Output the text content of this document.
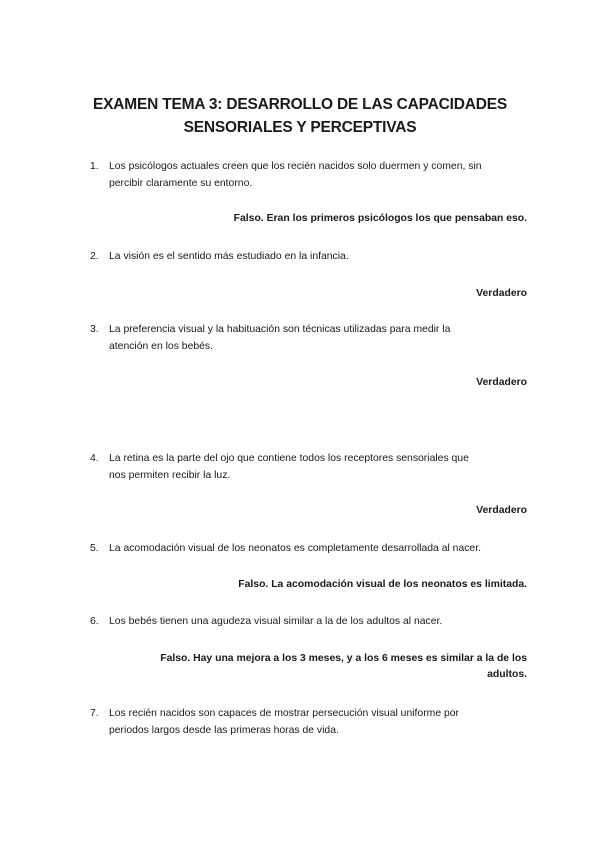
EXAMEN TEMA 3: DESARROLLO DE LAS CAPACIDADES
SENSORIALES Y PERCEPTIVAS
1. Los psicólogos actuales creen que los recién nacidos solo duermen y comen, sin
percibir claramente su entorno.
Falso. Eran los primeros psicólogos los que pensaban eso.
2. La visión es el sentido más estudiado en la infancia.
Verdadero
3. La preferencia visual y la habituación son técnicas utilizadas para medir la
atención en los bebés.
Verdadero
4. La retina es la parte del ojo que contiene todos los receptores sensoriales que
nos permiten recibir la luz.
Verdadero
5. La acomodación visual de los neonatos es completamente desarrollada al nacer.
Falso. La acomodación visual de los neonatos es limitada.
6. Los bebés tienen una agudeza visual similar a la de los adultos al nacer.
Falso. Hay una mejora a los 3 meses, y a los 6 meses es similar a la de los
adultos.
7. Los recién nacidos son capaces de mostrar persecución visual uniforme por
periodos largos desde las primeras horas de vida.
